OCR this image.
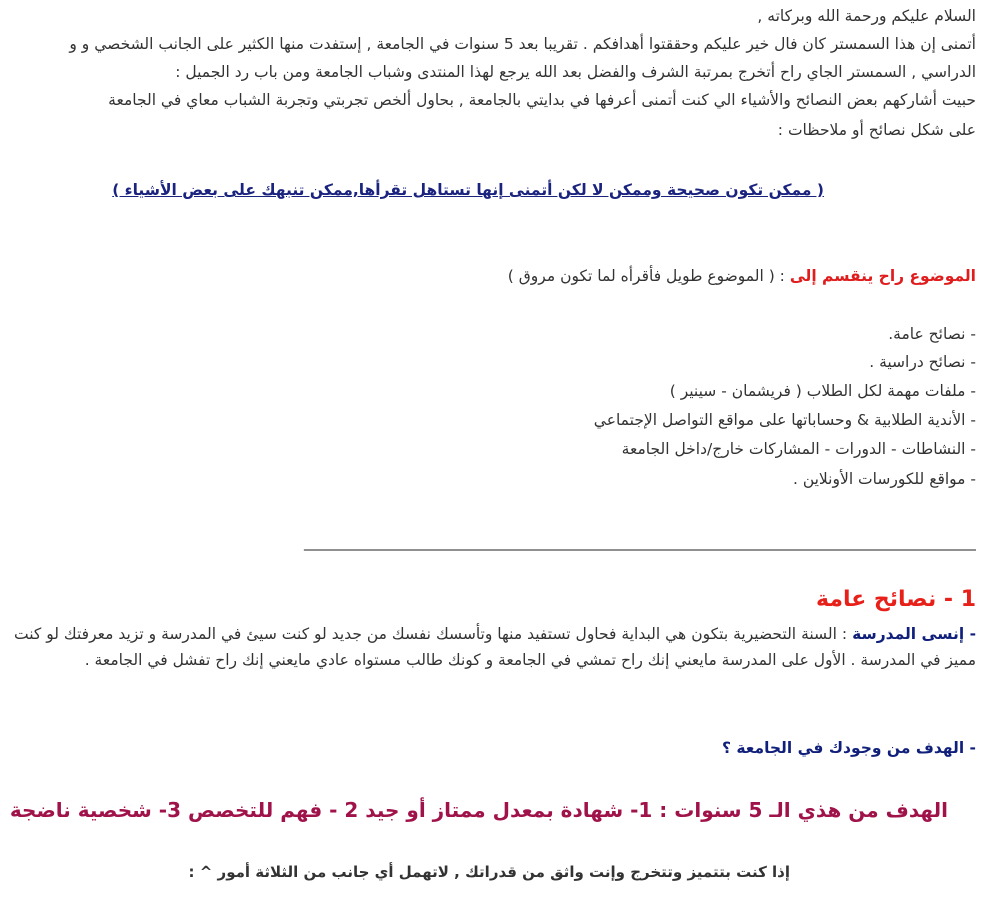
السلام عليكم ورحمة الله وبركاته ,
أتمنى إن هذا السمستر كان فال خير عليكم وحققتوا أهدافكم . تقريبا بعد 5 سنوات في الجامعة , إستفدت منها الكثير على الجانب الشخصي و و
الدراسي , السمستر الجاي راح أتخرج بمرتبة الشرف والفضل بعد الله يرجع لهذا المنتدى وشباب الجامعة ومن باب رد الجميل :
حبيت أشاركهم بعض النصائح والأشياء الي كنت أتمنى أعرفها في بدايتي بالجامعة , بحاول ألخص تجربتي وتجربة الشباب معاي في الجامعة
على شكل نصائح أو ملاحظات :
( ممكن تكون صحيحة وممكن لا لكن أتمنى إنها تستاهل تقرأها,ممكن تنبهك على بعض الأشياء )
الموضوع راح ينقسم إلى : ( الموضوع طويل فأقرأه لما تكون مروق )
- نصائح عامة.
- نصائح دراسية .
- ملفات مهمة لكل الطلاب ( فريشمان - سينير )
- الأندية الطلابية & وحساباتها على مواقع التواصل الإجتماعي
- النشاطات - الدورات - المشاركات خارج/داخل الجامعة
- مواقع للكورسات الأونلاين .
________________________________________________________________________________________________
1 - نصائح عامة
- إنسى المدرسة : السنة التحضيرية بتكون هي البداية فحاول تستفيد منها وتأسسك نفسك من جديد لو كنت سيئ في المدرسة و تزيد معرفتك لو كنت مميز في المدرسة . الأول على المدرسة مايعني إنك راح تمشي في الجامعة و كونك طالب مستواه عادي مايعني إنك راح تفشل في الجامعة .
- الهدف من وجودك في الجامعة ؟
الهدف من هذي الـ 5 سنوات : 1- شهادة بمعدل ممتاز أو جيد 2 - فهم للتخصص 3- شخصية ناضجة
إذا كنت بتتميز وتتخرج وإنت واثق من قدراتك , لاتهمل أي جانب من الثلاثة أمور ^ :
